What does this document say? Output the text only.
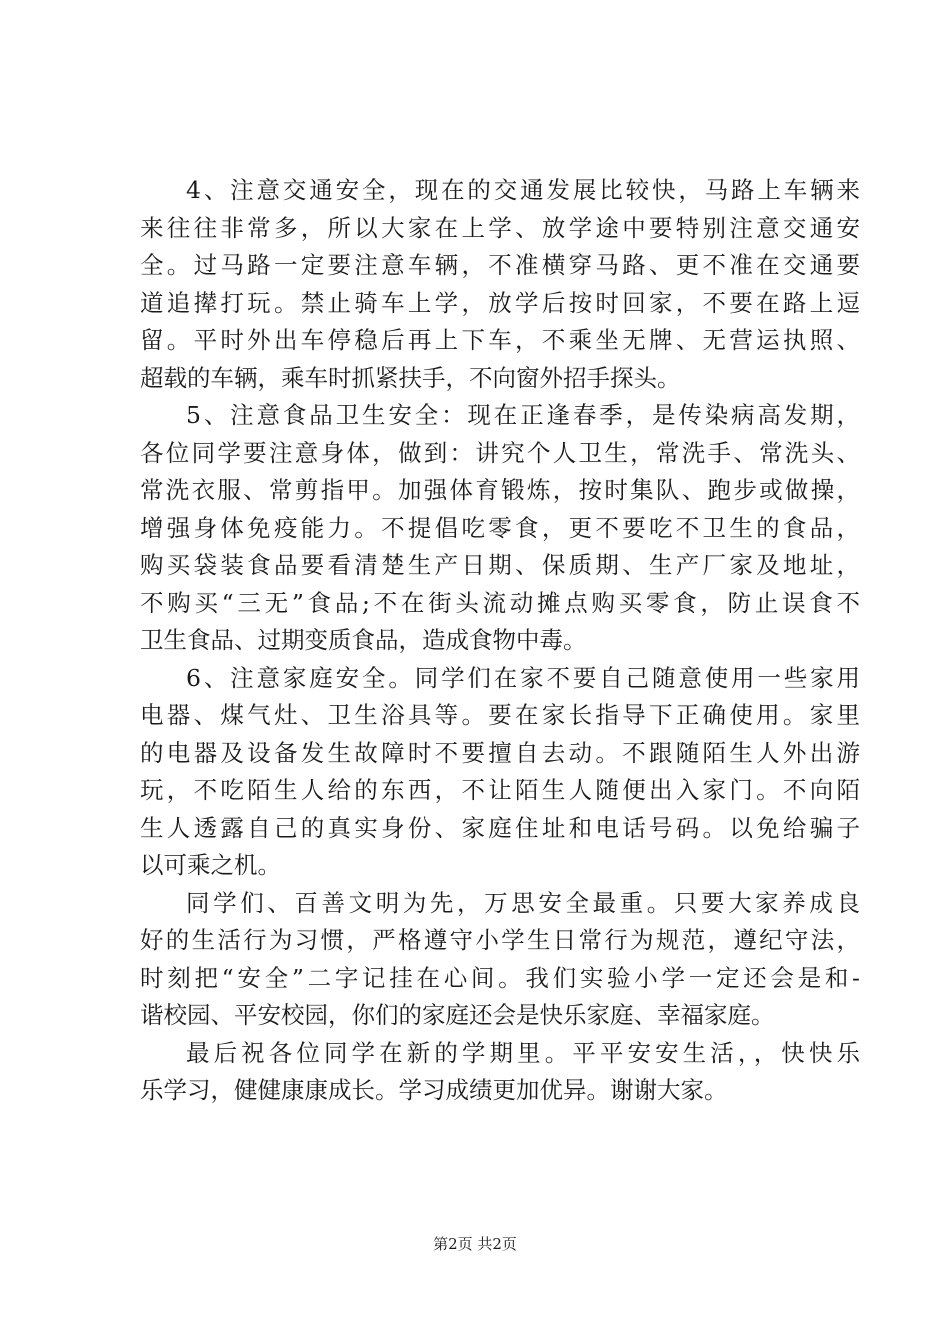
4、注意交通安全，现在的交通发展比较快，马路上车辆来
来往往非常多，所以大家在上学、放学途中要特别注意交通安
全。过马路一定要注意车辆，不准横穿马路、更不准在交通要
道追撵打玩。禁止骑车上学，放学后按时回家，不要在路上逗
留。平时外出车停稳后再上下车，不乘坐无牌、无营运执照、
超载的车辆，乘车时抓紧扶手，不向窗外招手探头。
5、注意食品卫生安全：现在正逢春季，是传染病高发期，
各位同学要注意身体，做到：讲究个人卫生，常洗手、常洗头、
常洗衣服、常剪指甲。加强体育锻炼，按时集队、跑步或做操，
增强身体免疫能力。不提倡吃零食，更不要吃不卫生的食品，
购买袋装食品要看清楚生产日期、保质期、生产厂家及地址，
不购买“三无”食品;不在街头流动摊点购买零食，防止误食不
卫生食品、过期变质食品，造成食物中毒。
6、注意家庭安全。同学们在家不要自己随意使用一些家用
电器、煤气灶、卫生浴具等。要在家长指导下正确使用。家里
的电器及设备发生故障时不要擅自去动。不跟随陌生人外出游
玩，不吃陌生人给的东西，不让陌生人随便出入家门。不向陌
生人透露自己的真实身份、家庭住址和电话号码。以免给骗子
以可乘之机。
同学们、百善文明为先，万思安全最重。只要大家养成良
好的生活行为习惯，严格遵守小学生日常行为规范，遵纪守法，
时刻把“安全”二字记挂在心间。我们实验小学一定还会是和-
谐校园、平安校园，你们的家庭还会是快乐家庭、幸福家庭。
最后祝各位同学在新的学期里。平平安安生活，，快快乐
乐学习，健健康康成长。学习成绩更加优异。谢谢大家。
第2页 共2页
